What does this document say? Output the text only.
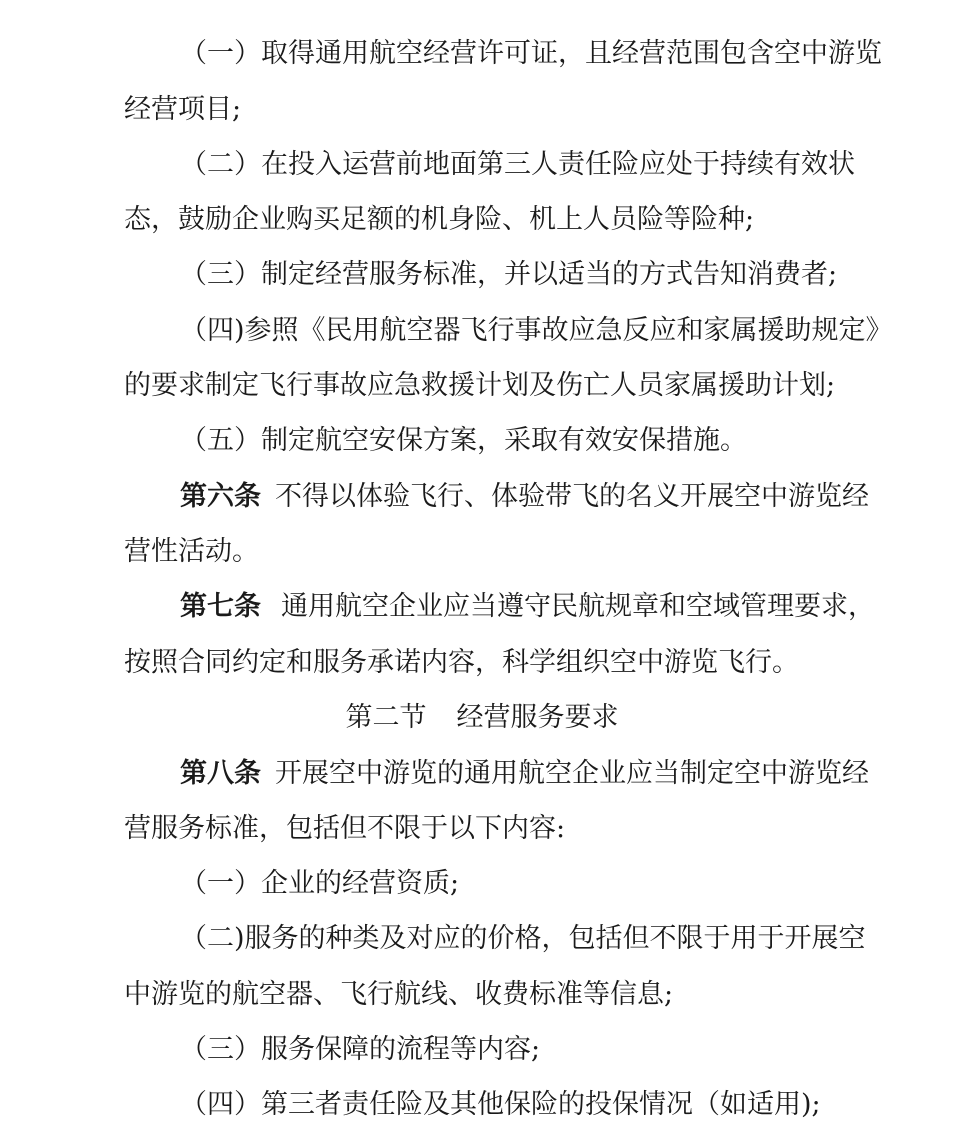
（一）取得通用航空经营许可证，且经营范围包含空中游览
经营项目;
（二）在投入运营前地面第三人责任险应处于持续有效状
态，鼓励企业购买足额的机身险、机上人员险等险种;
（三）制定经营服务标准，并以适当的方式告知消费者;
（四)参照《民用航空器飞行事故应急反应和家属援助规定》
的要求制定飞行事故应急救援计划及伤亡人员家属援助计划;
（五）制定航空安保方案，采取有效安保措施。
第六条 不得以体验飞行、体验带飞的名义开展空中游览经
营性活动。
第七条 通用航空企业应当遵守民航规章和空域管理要求，
按照合同约定和服务承诺内容，科学组织空中游览飞行。
第二节 经营服务要求
第八条 开展空中游览的通用航空企业应当制定空中游览经
营服务标准，包括但不限于以下内容:
（一）企业的经营资质;
（二)服务的种类及对应的价格，包括但不限于用于开展空
中游览的航空器、飞行航线、收费标准等信息;
（三）服务保障的流程等内容;
（四）第三者责任险及其他保险的投保情况（如适用);
